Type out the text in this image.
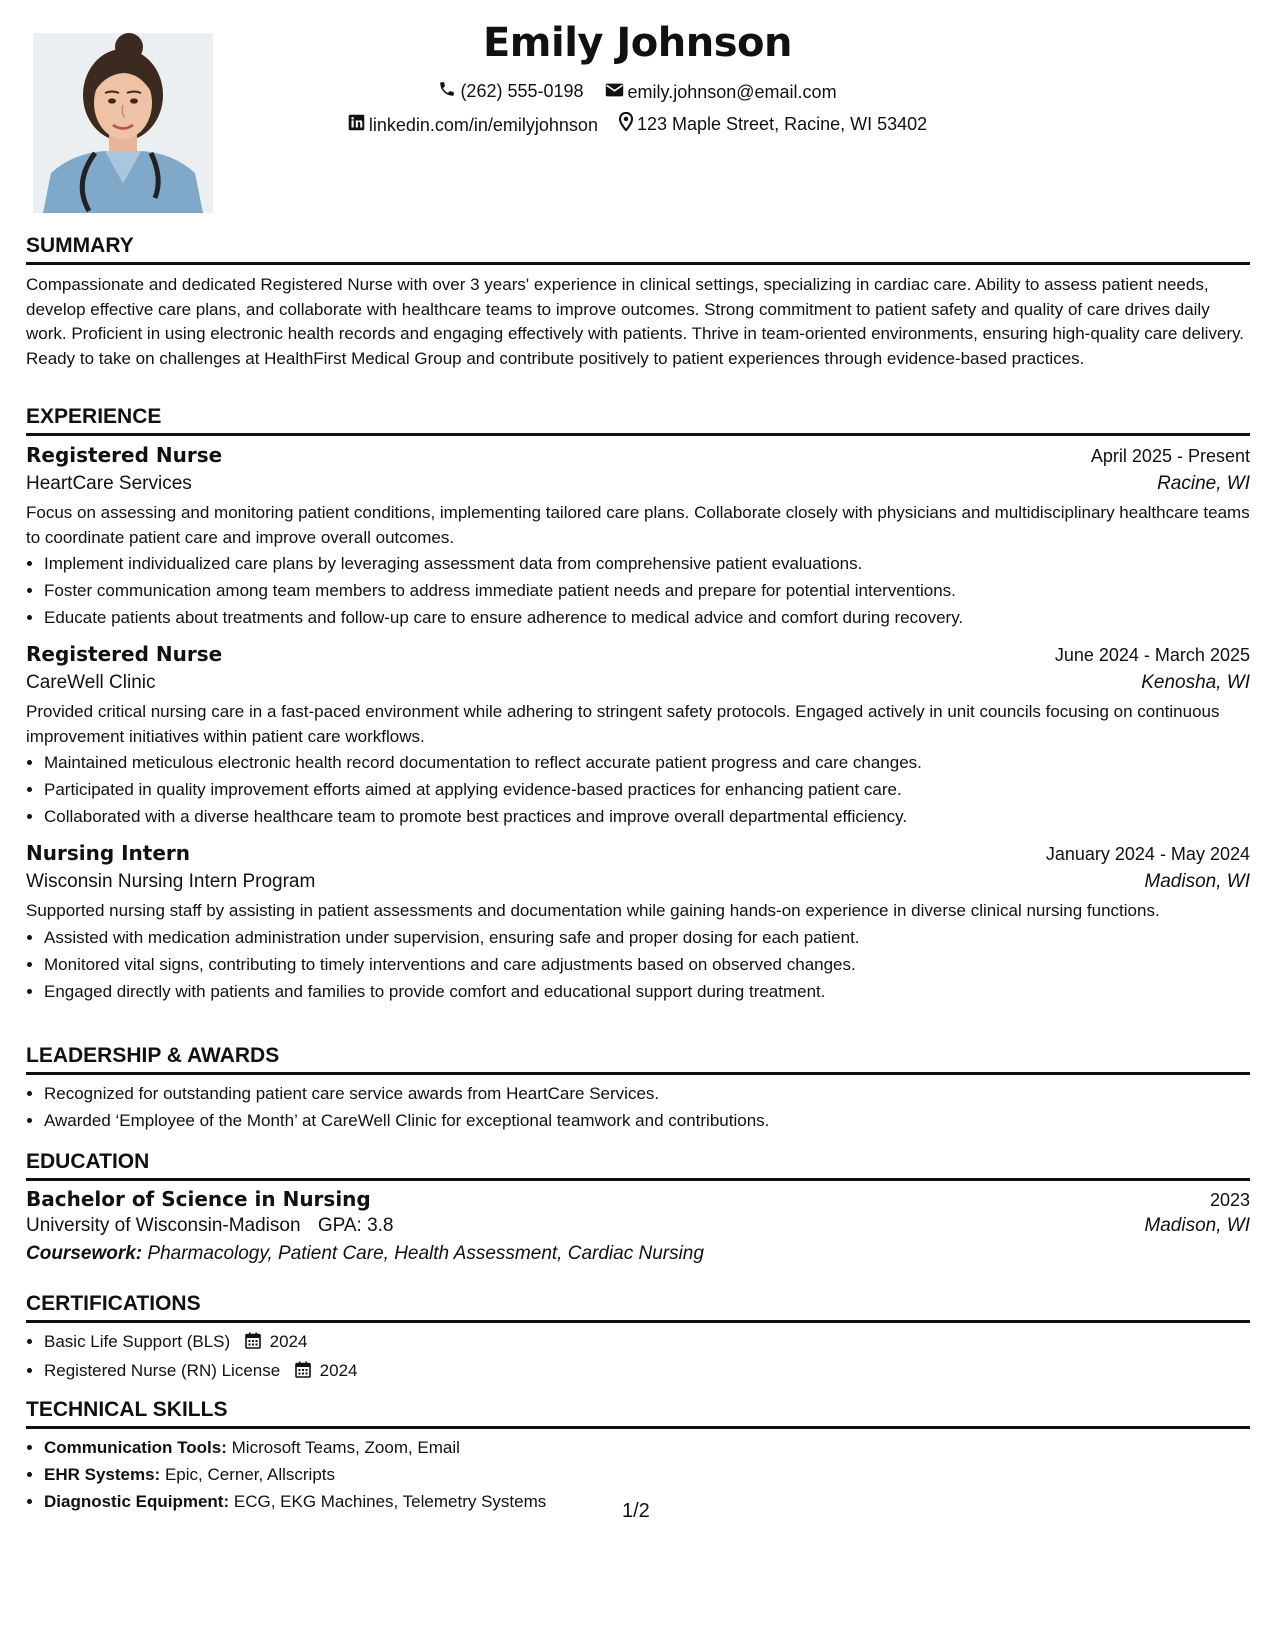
Emily Johnson
(262) 555-0198
emily.johnson@email.com
linkedin.com/in/emilyjohnson
123 Maple Street, Racine, WI 53402
SUMMARY

Compassionate and dedicated Registered Nurse with over 3 years' experience in clinical settings, specializing in cardiac care. Ability to assess patient needs, develop effective care plans, and collaborate with healthcare teams to improve outcomes. Strong commitment to patient safety and quality of care drives daily work. Proficient in using electronic health records and engaging effectively with patients. Thrive in team-oriented environments, ensuring high-quality care delivery. Ready to take on challenges at HealthFirst Medical Group and contribute positively to patient experiences through evidence-based practices.

EXPERIENCE
Registered Nurse	April 2025 - Present
HeartCare Services	Racine, WI

Focus on assessing and monitoring patient conditions, implementing tailored care plans. Collaborate closely with physicians and multidisciplinary healthcare teams to coordinate patient care and improve overall outcomes.

• Implement individualized care plans by leveraging assessment data from comprehensive patient evaluations.
• Foster communication among team members to address immediate patient needs and prepare for potential interventions.
• Educate patients about treatments and follow-up care to ensure adherence to medical advice and comfort during recovery.
Registered Nurse	June 2024 - March 2025
CareWell Clinic	Kenosha, WI

Provided critical nursing care in a fast-paced environment while adhering to stringent safety protocols. Engaged actively in unit councils focusing on continuous improvement initiatives within patient care workflows.

• Maintained meticulous electronic health record documentation to reflect accurate patient progress and care changes.
• Participated in quality improvement efforts aimed at applying evidence-based practices for enhancing patient care.
• Collaborated with a diverse healthcare team to promote best practices and improve overall departmental efficiency.
Nursing Intern	January 2024 - May 2024
Wisconsin Nursing Intern Program	Madison, WI

Supported nursing staff by assisting in patient assessments and documentation while gaining hands-on experience in diverse clinical nursing functions.

• Assisted with medication administration under supervision, ensuring safe and proper dosing for each patient.
• Monitored vital signs, contributing to timely interventions and care adjustments based on observed changes.
• Engaged directly with patients and families to provide comfort and educational support during treatment.
LEADERSHIP & AWARDS
• Recognized for outstanding patient care service awards from HeartCare Services.
• Awarded ‘Employee of the Month’ at CareWell Clinic for exceptional teamwork and contributions.
EDUCATION
Bachelor of Science in Nursing	2023
University of Wisconsin-Madison GPA: 3.8	Madison, WI
Coursework: Pharmacology, Patient Care, Health Assessment, Cardiac Nursing
CERTIFICATIONS
• Basic Life Support (BLS) 2024
• Registered Nurse (RN) License 2024
TECHNICAL SKILLS
• Communication Tools: Microsoft Teams, Zoom, Email
• EHR Systems: Epic, Cerner, Allscripts
• Diagnostic Equipment: ECG, EKG Machines, Telemetry Systems	1/2
